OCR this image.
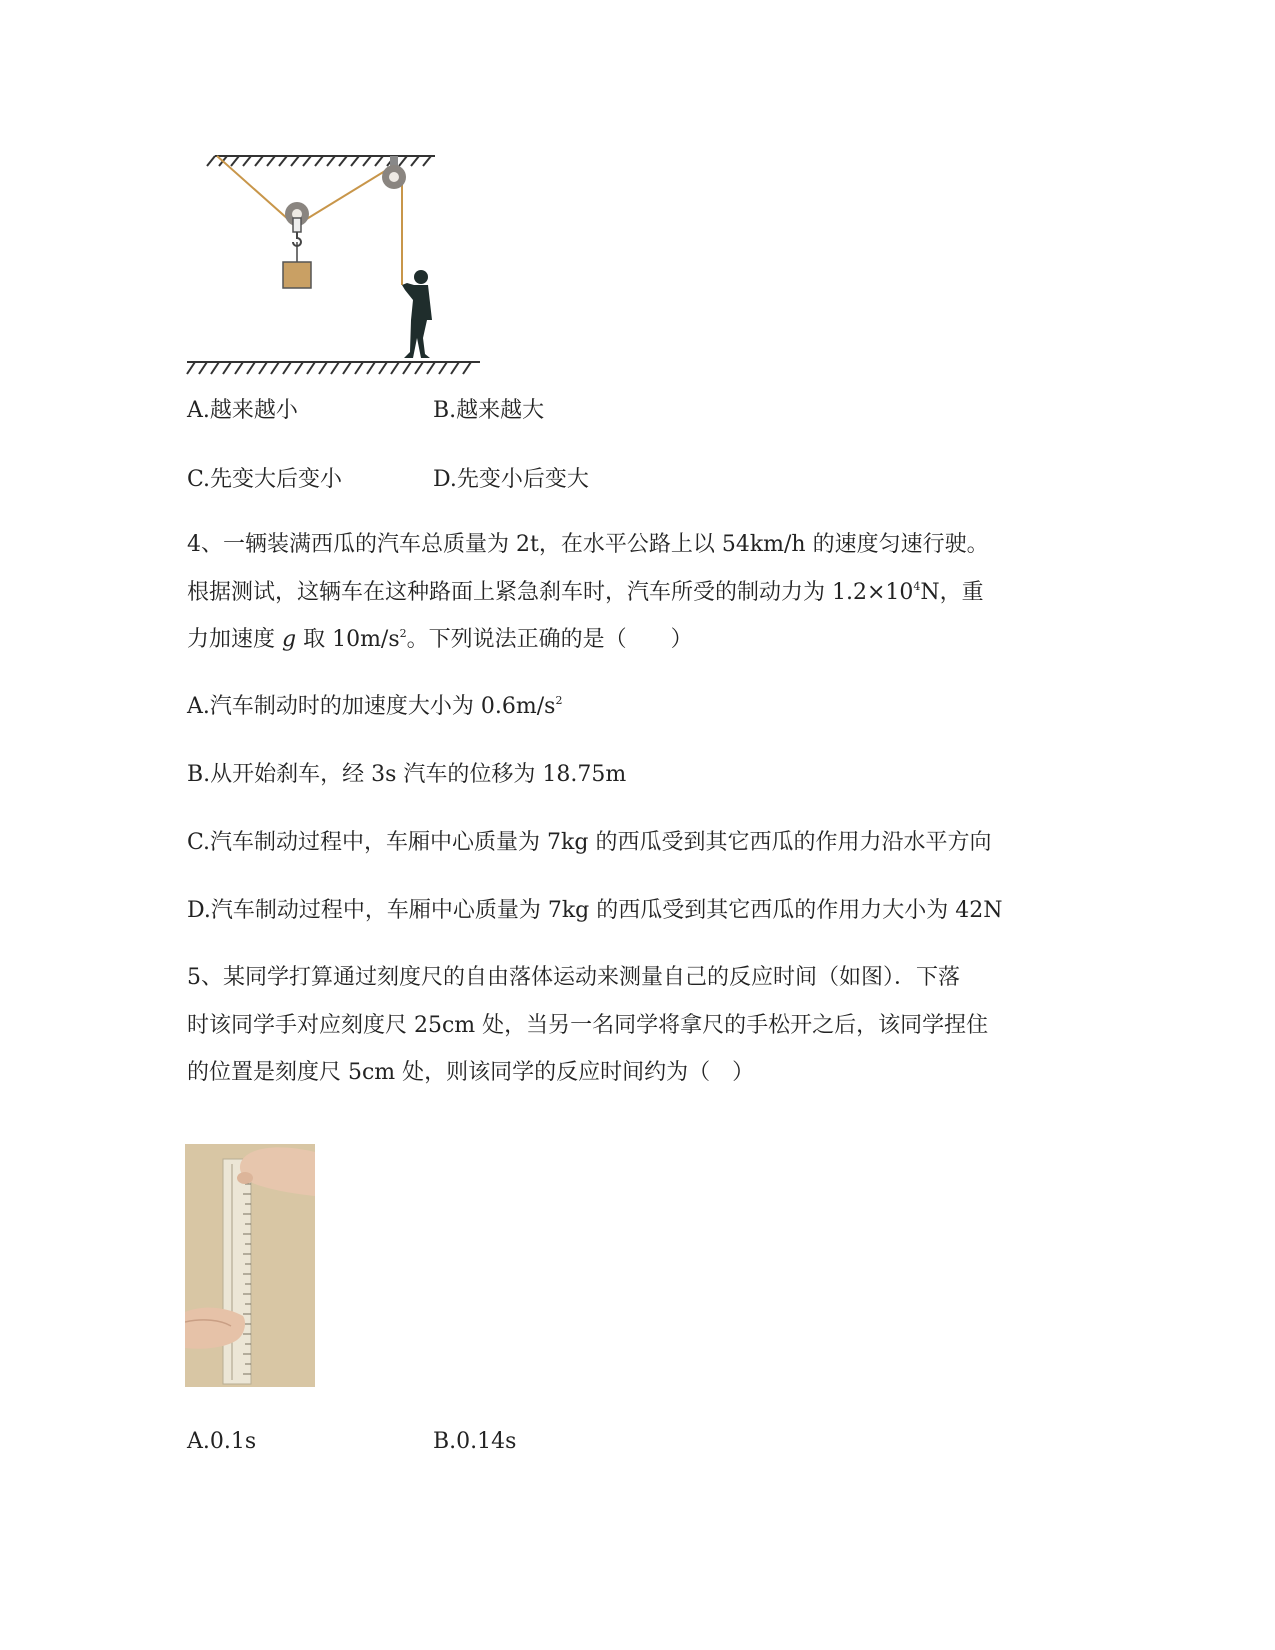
A.越来越小	B.越来越大
C.先变大后变小	D.先变小后变大
4、一辆装满西瓜的汽车总质量为 2t，在水平公路上以 54km/h 的速度匀速行驶。
根据测试，这辆车在这种路面上紧急刹车时，汽车所受的制动力为 $1.2\times 10^4N$，重
力加速度 g 取 $10m/s^2$。下列说法正确的是（　　）
A.汽车制动时的加速度大小为 $0.6m/s^2$
B.从开始刹车，经 3s 汽车的位移为 18.75m
C.汽车制动过程中，车厢中心质量为 7kg 的西瓜受到其它西瓜的作用力沿水平方向
D.汽车制动过程中，车厢中心质量为 7kg 的西瓜受到其它西瓜的作用力大小为 42N
5、某同学打算通过刻度尺的自由落体运动来测量自己的反应时间（如图）．下落
时该同学手对应刻度尺 25cm 处，当另一名同学将拿尺的手松开之后，该同学捏住
的位置是刻度尺 5cm 处，则该同学的反应时间约为（　）
A.0.1s	B.0.14s
